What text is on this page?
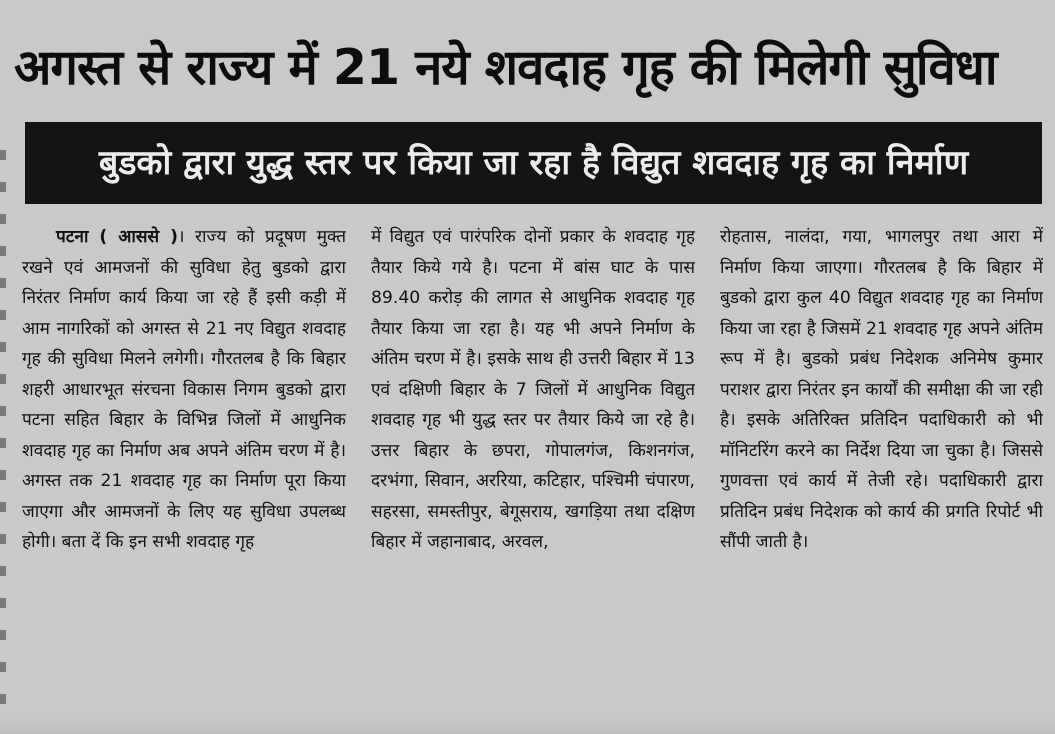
अगस्त से राज्य में 21 नये शवदाह गृह की मिलेगी सुविधा
बुडको द्वारा युद्ध स्तर पर किया जा रहा है विद्युत शवदाह गृह का निर्माण

पटना ( आससे )। राज्य को प्रदूषण मुक्त रखने एवं आमजनों की सुविधा हेतु बुडको द्वारा निरंतर निर्माण कार्य किया जा रहे हैं इसी कड़ी में आम नागरिकों को अगस्त से 21 नए विद्युत शवदाह गृह की सुविधा मिलने लगेगी। गौरतलब है कि बिहार शहरी आधारभूत संरचना विकास निगम बुडको द्वारा पटना सहित बिहार के विभिन्न जिलों में आधुनिक शवदाह गृह का निर्माण अब अपने अंतिम चरण में है। अगस्त तक 21 शवदाह गृह का निर्माण पूरा किया जाएगा और आमजनों के लिए यह सुविधा उपलब्ध होगी। बता दें कि इन सभी शवदाह गृह

में विद्युत एवं पारंपरिक दोनों प्रकार के शवदाह गृह तैयार किये गये है। पटना में बांस घाट के पास 89.40 करोड़ की लागत से आधुनिक शवदाह गृह तैयार किया जा रहा है। यह भी अपने निर्माण के अंतिम चरण में है। इसके साथ ही उत्तरी बिहार में 13 एवं दक्षिणी बिहार के 7 जिलों में आधुनिक विद्युत शवदाह गृह भी युद्ध स्तर पर तैयार किये जा रहे है। उत्तर बिहार के छपरा, गोपालगंज, किशनगंज, दरभंगा, सिवान, अररिया, कटिहार, पश्चिमी चंपारण, सहरसा, समस्तीपुर, बेगूसराय, खगड़िया तथा दक्षिण बिहार में जहानाबाद, अरवल,

रोहतास, नालंदा, गया, भागलपुर तथा आरा में निर्माण किया जाएगा। गौरतलब है कि बिहार में बुडको द्वारा कुल 40 विद्युत शवदाह गृह का निर्माण किया जा रहा है जिसमें 21 शवदाह गृह अपने अंतिम रूप में है। बुडको प्रबंध निदेशक अनिमेष कुमार पराशर द्वारा निरंतर इन कार्यों की समीक्षा की जा रही है। इसके अतिरिक्त प्रतिदिन पदाधिकारी को भी मॉनिटरिंग करने का निर्देश दिया जा चुका है। जिससे गुणवत्ता एवं कार्य में तेजी रहे। पदाधिकारी द्वारा प्रतिदिन प्रबंध निदेशक को कार्य की प्रगति रिपोर्ट भी सौंपी जाती है।
